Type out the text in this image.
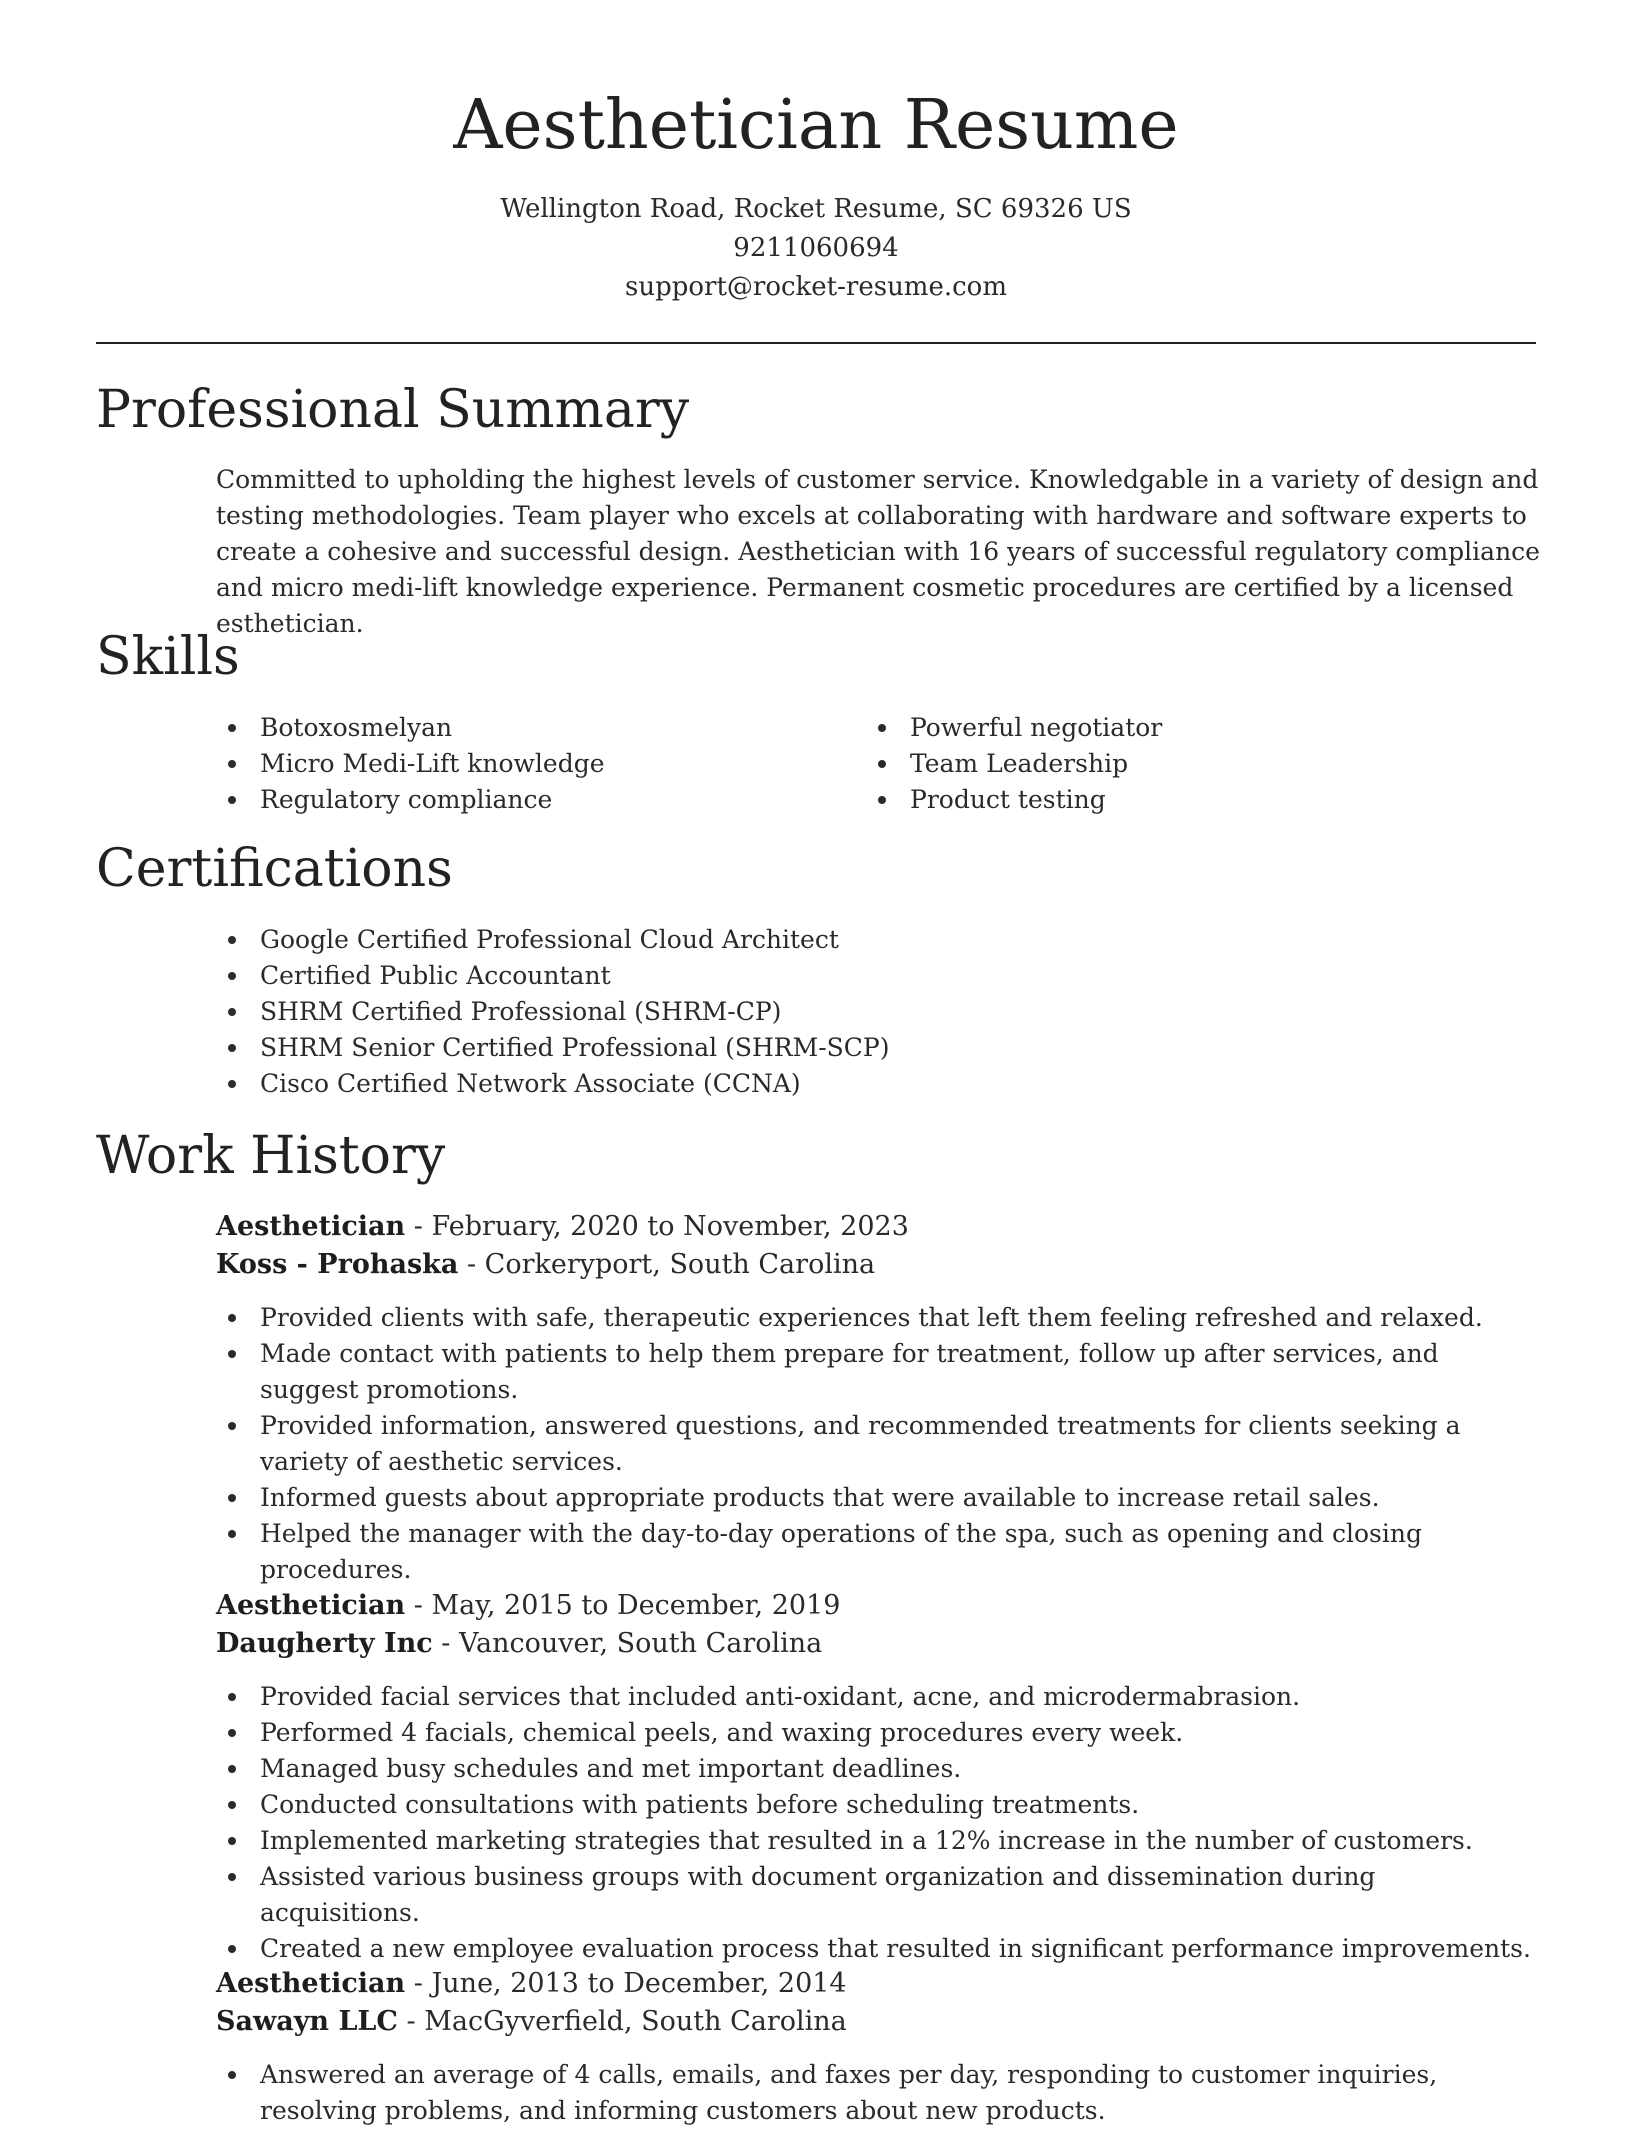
Aesthetician Resume
Wellington Road, Rocket Resume, SC 69326 US
9211060694
support@rocket-resume.com
Professional Summary
Committed to upholding the highest levels of customer service. Knowledgable in a variety of design and testing methodologies. Team player who excels at collaborating with hardware and software experts to create a cohesive and successful design. Aesthetician with 16 years of successful regulatory compliance and micro medi-lift knowledge experience. Permanent cosmetic procedures are certified by a licensed esthetician.
Skills
Botoxosmelyan
Micro Medi-Lift knowledge
Regulatory compliance
Powerful negotiator
Team Leadership
Product testing
Certifications
Google Certified Professional Cloud Architect
Certified Public Accountant
SHRM Certified Professional (SHRM-CP)
SHRM Senior Certified Professional (SHRM-SCP)
Cisco Certified Network Associate (CCNA)
Work History
Aesthetician - February, 2020 to November, 2023
Koss - Prohaska - Corkeryport, South Carolina
Provided clients with safe, therapeutic experiences that left them feeling refreshed and relaxed.
Made contact with patients to help them prepare for treatment, follow up after services, and suggest promotions.
Provided information, answered questions, and recommended treatments for clients seeking a variety of aesthetic services.
Informed guests about appropriate products that were available to increase retail sales.
Helped the manager with the day-to-day operations of the spa, such as opening and closing procedures.
Aesthetician - May, 2015 to December, 2019
Daugherty Inc - Vancouver, South Carolina
Provided facial services that included anti-oxidant, acne, and microdermabrasion.
Performed 4 facials, chemical peels, and waxing procedures every week.
Managed busy schedules and met important deadlines.
Conducted consultations with patients before scheduling treatments.
Implemented marketing strategies that resulted in a 12% increase in the number of customers.
Assisted various business groups with document organization and dissemination during acquisitions.
Created a new employee evaluation process that resulted in significant performance improvements.
Aesthetician - June, 2013 to December, 2014
Sawayn LLC - MacGyverfield, South Carolina
Answered an average of 4 calls, emails, and faxes per day, responding to customer inquiries, resolving problems, and informing customers about new products.
